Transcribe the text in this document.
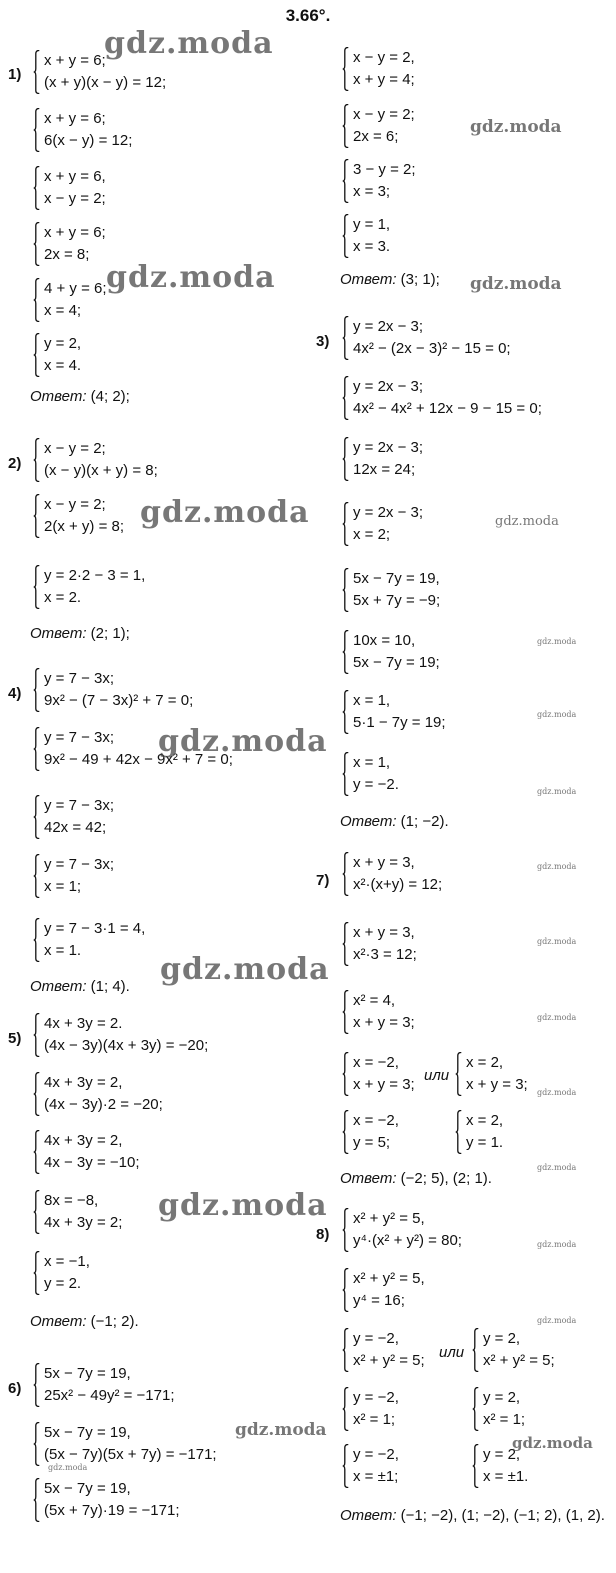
3.66°.
1)
x + y = 6;
(x + y)(x − y) = 12;
x + y = 6;
6(x − y) = 12;
x + y = 6,
x − y = 2;
x + y = 6;
2x = 8;
4 + y = 6;
x = 4;
y = 2,
x = 4.
Ответ: (4; 2);
2)
x − y = 2;
(x − y)(x + y) = 8;
x − y = 2;
2(x + y) = 8;
y = 2·2 − 3 = 1,
x = 2.
Ответ: (2; 1);
4)
y = 7 − 3x;
9x² − (7 − 3x)² + 7 = 0;
y = 7 − 3x;
9x² − 49 + 42x − 9x² + 7 = 0;
y = 7 − 3x;
42x = 42;
y = 7 − 3x;
x = 1;
y = 7 − 3·1 = 4,
x = 1.
Ответ: (1; 4).
5)
4x + 3y = 2.
(4x − 3y)(4x + 3y) = −20;
4x + 3y = 2,
(4x − 3y)·2 = −20;
4x + 3y = 2,
4x − 3y = −10;
8x = −8,
4x + 3y = 2;
x = −1,
y = 2.
Ответ: (−1; 2).
6)
5x − 7y = 19,
25x² − 49y² = −171;
5x − 7y = 19,
(5x − 7y)(5x + 7y) = −171;
5x − 7y = 19,
(5x + 7y)·19 = −171;
x − y = 2,
x + y = 4;
x − y = 2;
2x = 6;
3 − y = 2;
x = 3;
y = 1,
x = 3.
Ответ: (3; 1);
3)
y = 2x − 3;
4x² − (2x − 3)² − 15 = 0;
y = 2x − 3;
4x² − 4x² + 12x − 9 − 15 = 0;
y = 2x − 3;
12x = 24;
y = 2x − 3;
x = 2;
5x − 7y = 19,
5x + 7y = −9;
10x = 10,
5x − 7y = 19;
x = 1,
5·1 − 7y = 19;
x = 1,
y = −2.
Ответ: (1; −2).
7)
x + y = 3,
x²·(x+y) = 12;
x + y = 3,
x²·3 = 12;
x² = 4,
x + y = 3;
x = −2,
x + y = 3;
или
x = 2,
x + y = 3;
x = −2,
y = 5;
x = 2,
y = 1.
Ответ: (−2; 5), (2; 1).
8)
x² + y² = 5,
y⁴·(x² + y²) = 80;
x² + y² = 5,
y⁴ = 16;
y = −2,
x² + y² = 5; или
y = 2,
x² + y² = 5;
y = −2,
x² = 1;
y = 2,
x² = 1;
y = −2,
x = ±1;
y = 2,
x = ±1.
Ответ: (−1; −2), (1; −2), (−1; 2), (1, 2).
gdz.moda
gdz.moda
gdz.moda
gdz.moda
gdz.moda
gdz.moda
gdz.moda
gdz.moda
gdz.moda
gdz.moda
gdz.moda
gdz.moda
gdz.moda
gdz.moda
gdz.moda
gdz.moda
gdz.moda
gdz.moda
gdz.moda
gdz.moda
gdz.moda
gdz.moda
